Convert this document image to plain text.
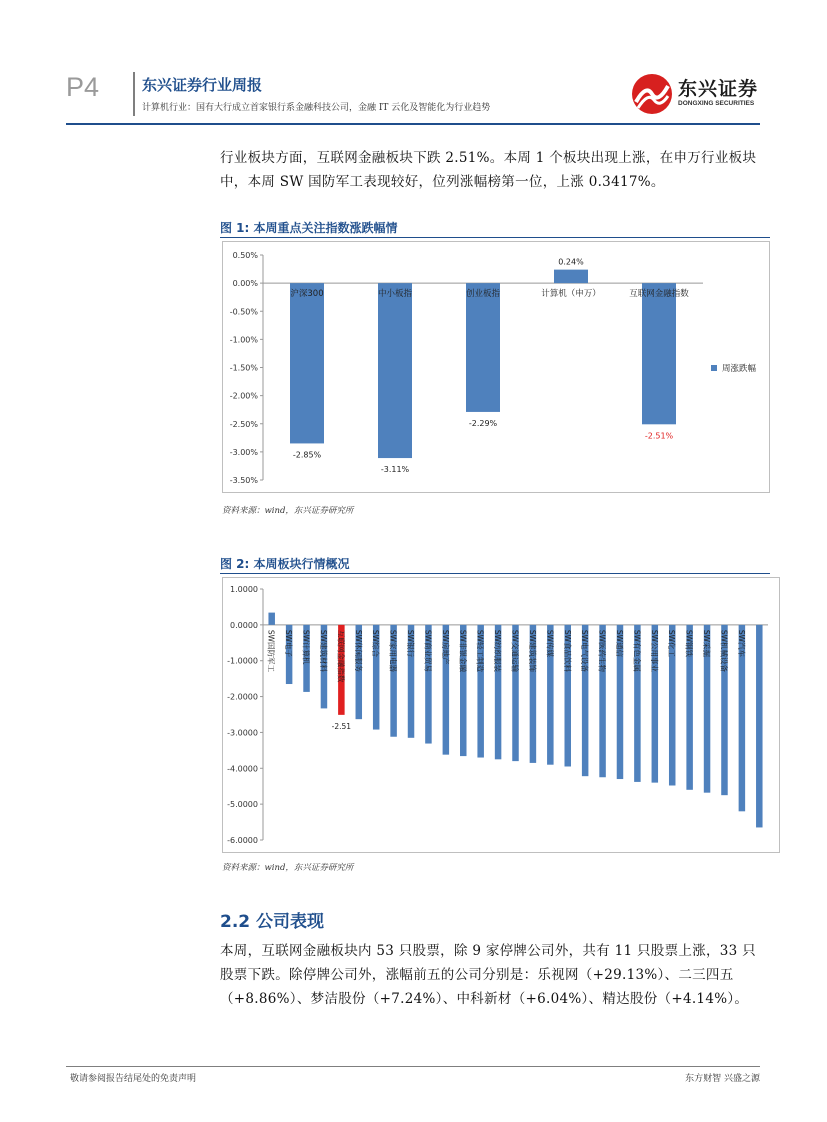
P4	东兴证券行业周报
计算机行业：国有大行成立首家银行系金融科技公司，金融 IT 云化及智能化为行业趋势
东兴证券
DONGXING SECURITIES
行业板块方面，互联网金融板块下跌 2.51%。本周 1 个板块出现上涨，在申万行业板块中，本周 SW 国防军工表现较好，位列涨幅榜第一位，上涨 0.3417%。
图 1: 本周重点关注指数涨跌幅情
0.50%
0.00%
-0.50%
-1.00%
-1.50%
-2.00%
-2.50%
-3.00%
-3.50%
沪深300
-2.85%
中小板指
-3.11%
创业板指
-2.29%
计算机（申万）
0.24%
互联网金融指数
-2.51%
周涨跌幅
资料来源：wind，东兴证券研究所
图 2: 本周板块行情概况
1.0000
0.0000
-1.0000
-2.0000
-3.0000
-4.0000
-5.0000
-6.0000
SW国防军工 SW电子 SW计算机 SW建筑材料 互联网金融指数 SW休闲服务 SW综合 SW家用电器 SW银行 SW商业贸易 SW房地产 SW非银金融 SW轻工制造 SW纺织服装 SW交通运输 SW建筑装饰 SW传媒 SW食品饮料 SW电气设备 SW医药生物 SW通信 SW有色金属 SW公用事业 SW化工 SW钢铁 SW采掘 SW机械设备 SW汽车
-2.51
资料来源：wind，东兴证券研究所
2.2 公司表现
本周，互联网金融板块内 53 只股票，除 9 家停牌公司外，共有 11 只股票上涨，33 只股票下跌。除停牌公司外，涨幅前五的公司分别是：乐视网（+29.13%）、二三四五（+8.86%）、梦洁股份（+7.24%）、中科新材（+6.04%）、精达股份（+4.14%）。
敬请参阅报告结尾处的免责声明	东方财智 兴盛之源
